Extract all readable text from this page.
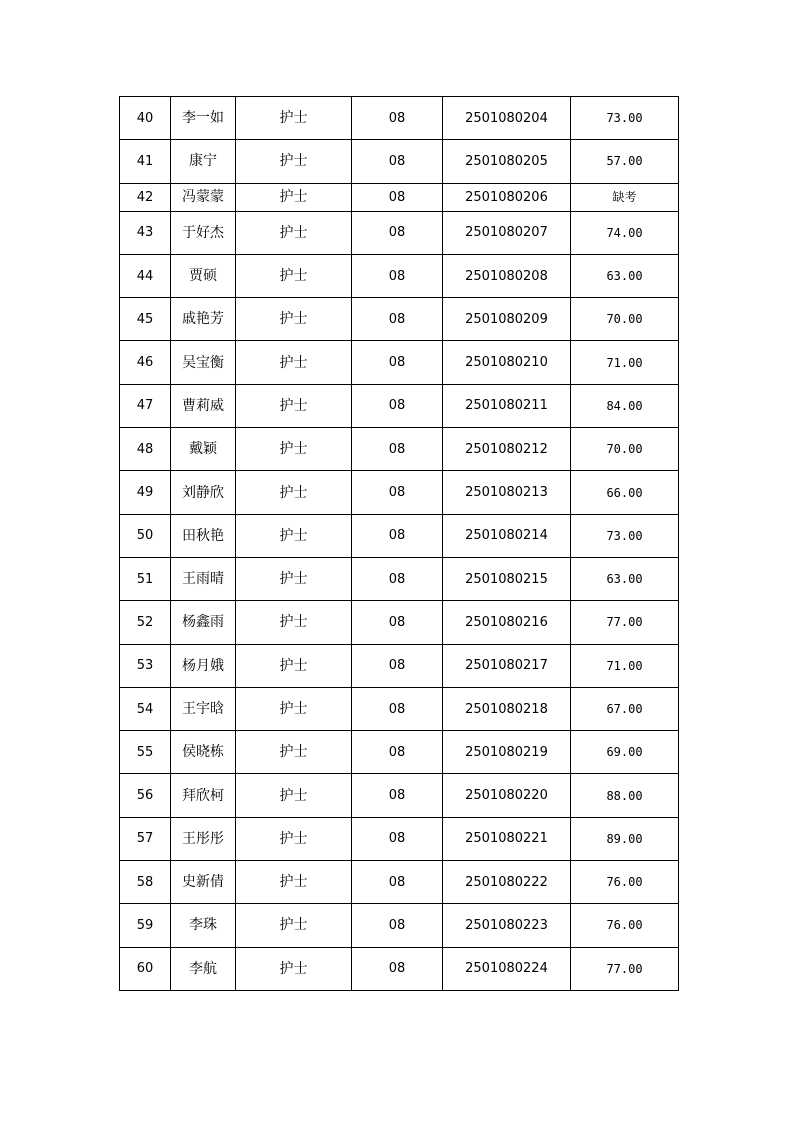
40	李一如	护士	08	2501080204	73.00
41	康宁	护士	08	2501080205	57.00
42	冯蒙蒙	护士	08	2501080206	缺考
43	于好杰	护士	08	2501080207	74.00
44	贾硕	护士	08	2501080208	63.00
45	戚艳芳	护士	08	2501080209	70.00
46	吴宝衡	护士	08	2501080210	71.00
47	曹莉威	护士	08	2501080211	84.00
48	戴颖	护士	08	2501080212	70.00
49	刘静欣	护士	08	2501080213	66.00
50	田秋艳	护士	08	2501080214	73.00
51	王雨晴	护士	08	2501080215	63.00
52	杨鑫雨	护士	08	2501080216	77.00
53	杨月娥	护士	08	2501080217	71.00
54	王宇晗	护士	08	2501080218	67.00
55	侯晓栋	护士	08	2501080219	69.00
56	拜欣柯	护士	08	2501080220	88.00
57	王彤彤	护士	08	2501080221	89.00
58	史新倩	护士	08	2501080222	76.00
59	李珠	护士	08	2501080223	76.00
60	李航	护士	08	2501080224	77.00
